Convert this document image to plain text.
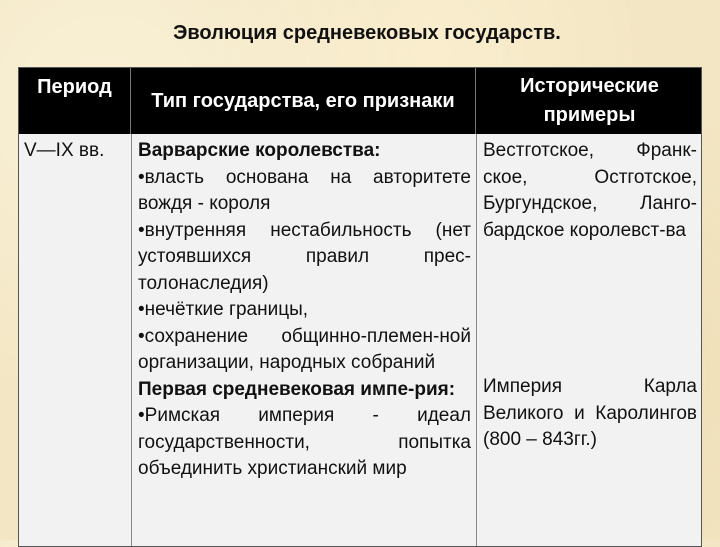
Эволюция средневековых государств.
Период
Тип государства, его признаки
Исторические примеры
V—IX вв.	Варварские королевства:

•власть основана на авторитете вождя - короля

•внутренняя нестабильность (нет устоявшихся правил прес-толонаследия)

•нечёткие границы,

•сохранение общинно-племен-ной организации, народных собраний

Первая средневековая импе-рия:

•Римская империя - идеал государственности, попытка объединить христианский мир

Вестготское, Франк-ское, Остготское, Бургундское, Ланго-бардское королевст-ва

Империя Карла Великого и Каролингов (800 – 843гг.)
